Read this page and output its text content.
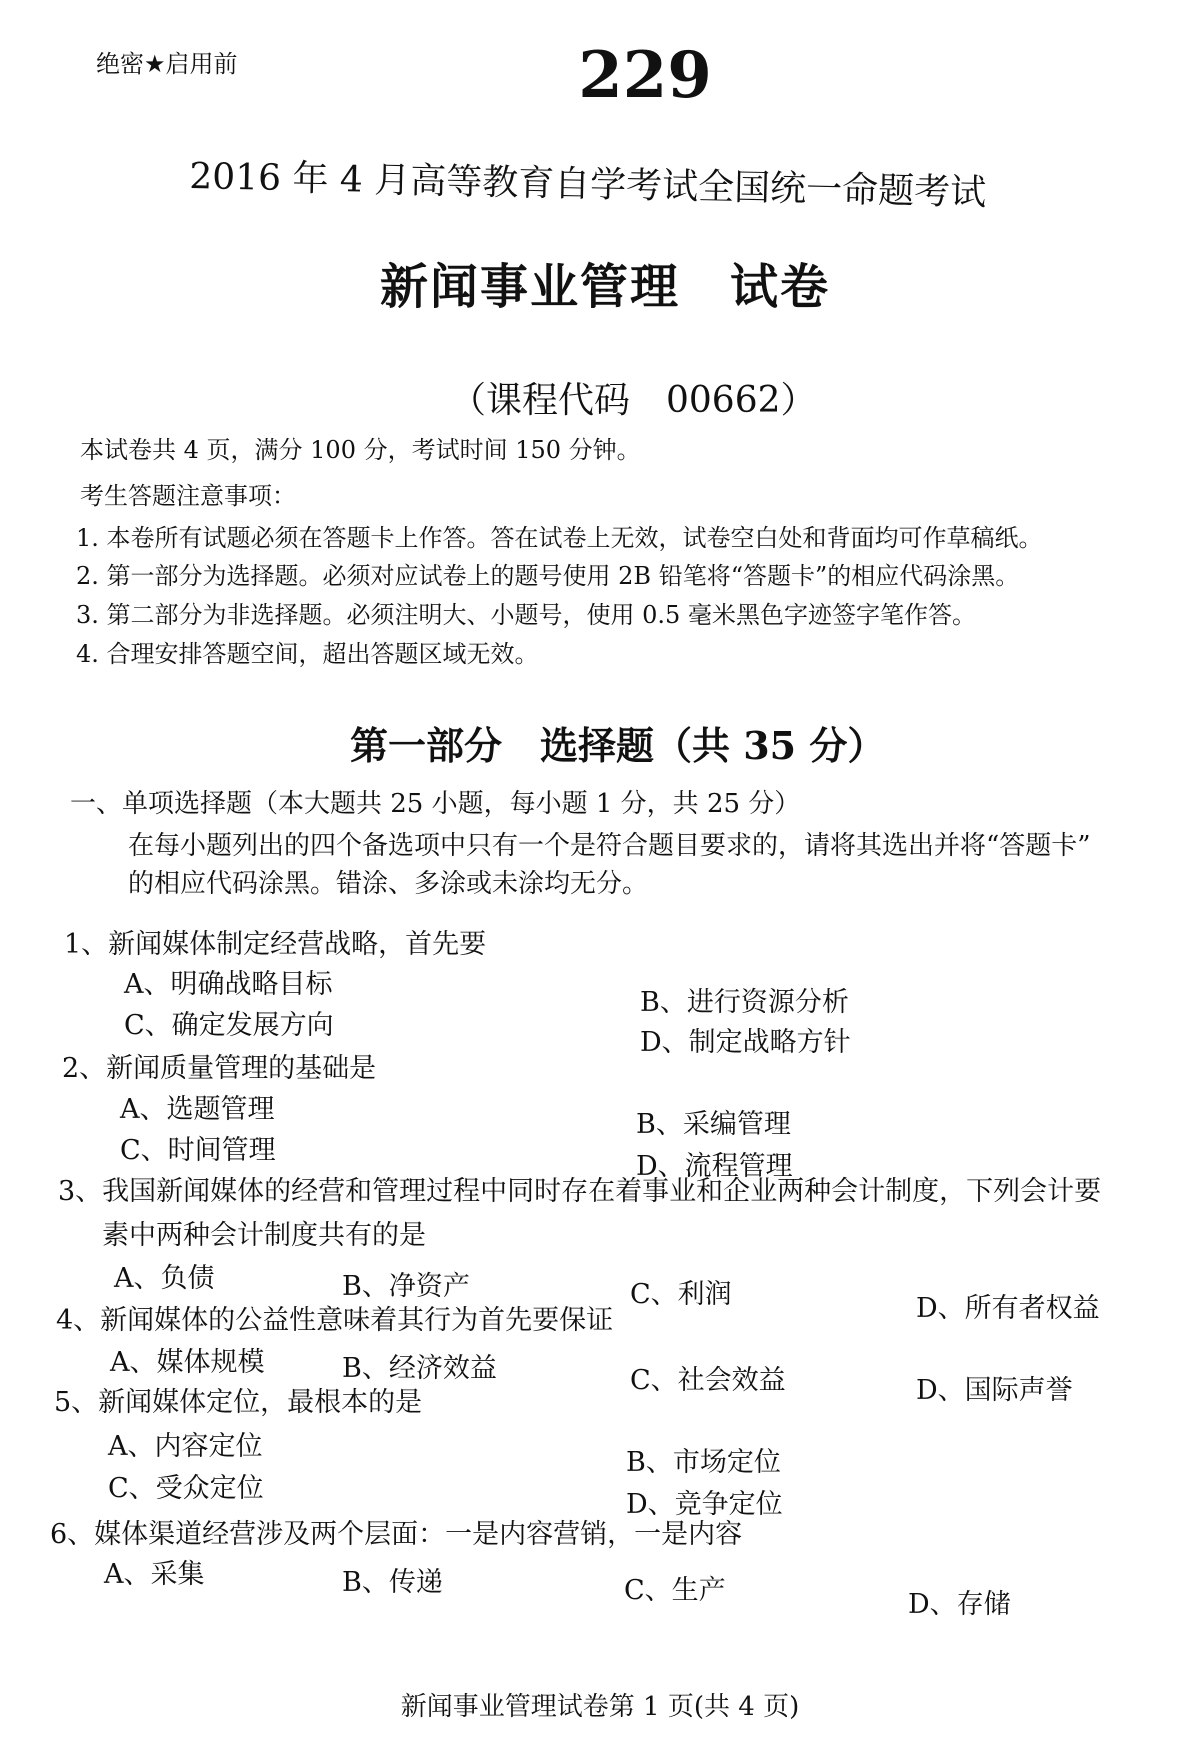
绝密★启用前	229
2016 年 4 月高等教育自学考试全国统一命题考试
新闻事业管理　试卷
（课程代码　00662）
本试卷共 4 页，满分 100 分，考试时间 150 分钟。
考生答题注意事项：
1. 本卷所有试题必须在答题卡上作答。答在试卷上无效，试卷空白处和背面均可作草稿纸。
2. 第一部分为选择题。必须对应试卷上的题号使用 2B 铅笔将“答题卡”的相应代码涂黑。
3. 第二部分为非选择题。必须注明大、小题号，使用 0.5 毫米黑色字迹签字笔作答。
4. 合理安排答题空间，超出答题区域无效。
第一部分　选择题（共 35 分）
一、单项选择题（本大题共 25 小题，每小题 1 分，共 25 分）
在每小题列出的四个备选项中只有一个是符合题目要求的，请将其选出并将“答题卡”
的相应代码涂黑。错涂、多涂或未涂均无分。
1、新闻媒体制定经营战略，首先要
A、明确战略目标
B、进行资源分析
C、确定发展方向
D、制定战略方针
2、新闻质量管理的基础是
A、选题管理	B、采编管理
C、时间管理
D、流程管理
3、我国新闻媒体的经营和管理过程中同时存在着事业和企业两种会计制度，下列会计要
素中两种会计制度共有的是
A、负债	B、净资产	C、利润	D、所有者权益
4、新闻媒体的公益性意味着其行为首先要保证
A、媒体规模	B、经济效益	C、社会效益	D、国际声誉
5、新闻媒体定位，最根本的是
A、内容定位
B、市场定位
C、受众定位
D、竞争定位
6、媒体渠道经营涉及两个层面：一是内容营销，一是内容
A、采集	B、传递	C、生产	D、存储
新闻事业管理试卷第 1 页(共 4 页)
